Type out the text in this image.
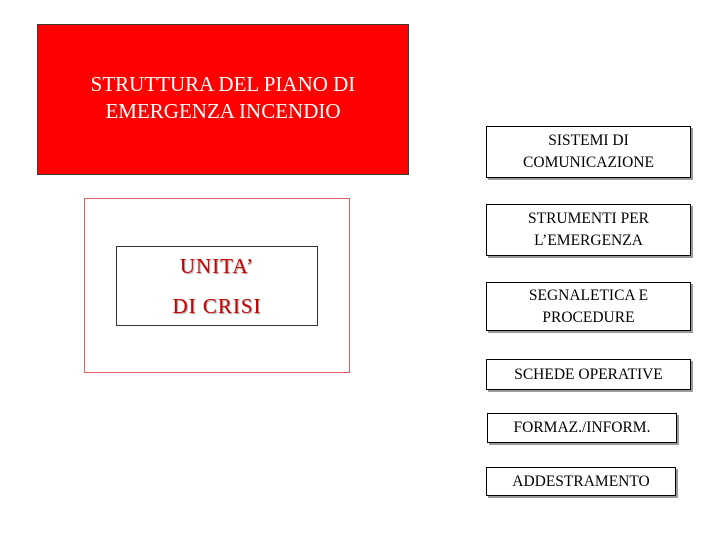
STRUTTURA DEL PIANO DI
EMERGENZA INCENDIO
UNITA’
DI CRISI
SISTEMI DI
COMUNICAZIONE
STRUMENTI PER
L’EMERGENZA
SEGNALETICA E
PROCEDURE
SCHEDE OPERATIVE
FORMAZ./INFORM.
ADDESTRAMENTO
